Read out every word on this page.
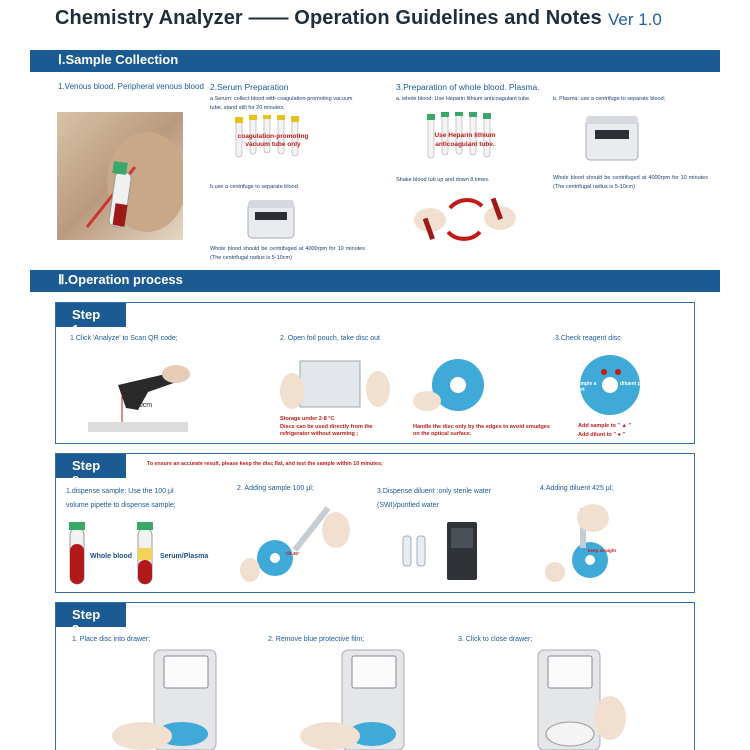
Chemistry Analyzer —— Operation Guidelines and Notes Ver 1.0
Ⅰ.Sample Collection
1.Venous blood. Peripheral venous blood 2.Serum Preparation
a.Serum: collect blood with coagulation-promoting vacuum tube, stand still for 20 minutes;
coagulation-promoting vacuum tube only
b.use a centrifuge to separate blood.
Whole blood should be centrifuged at 4000rpm for 10 minutes (The centrifugal radius is 5-10cm)
3.Preparation of whole blood. Plasma.
a. whole blood: Use Heparin lithium anticoagulant tube.
Use Heparin lithium anticoagulant tube.
Shake blood tub up and down 8 times.
b. Plasma: use a centrifuge to separate blood;
Whole blood should be centrifuged at 4000rpm for 10 minutes (The centrifugal radius is 5-10cm)
Ⅱ.Operation process
Step 1
1.Click 'Analyze' to Scan QR code;
10cm
2. Open foil pouch, take disc out
Storage under 2-8 °C
Discs can be used directly from the refrigerator without warming ;
Handle the disc only by the edges to avoid smudges on the optical surface.
3.Check reagent disc
sample a port
diluent port
Add sample to " ▲ "
Add dilunt to " ● "
Step 2
To ensure an accurate result, please keep the disc flat, and test the sample within 10 minutes;
1.dispense sample: Use the 100 μl
volume pipette to dispense sample;
Whole blood	Serum/Plasma
2. Adding sample 100 μl;
tilt 45°
3.Dispense diluent :only sterile water
(SWI)/purified water
4.Adding diluent 425 μl;
keep straight
Step 3
1. Place disc into drawer;	2. Remove blue protective film;	3. Click to close drawer;
